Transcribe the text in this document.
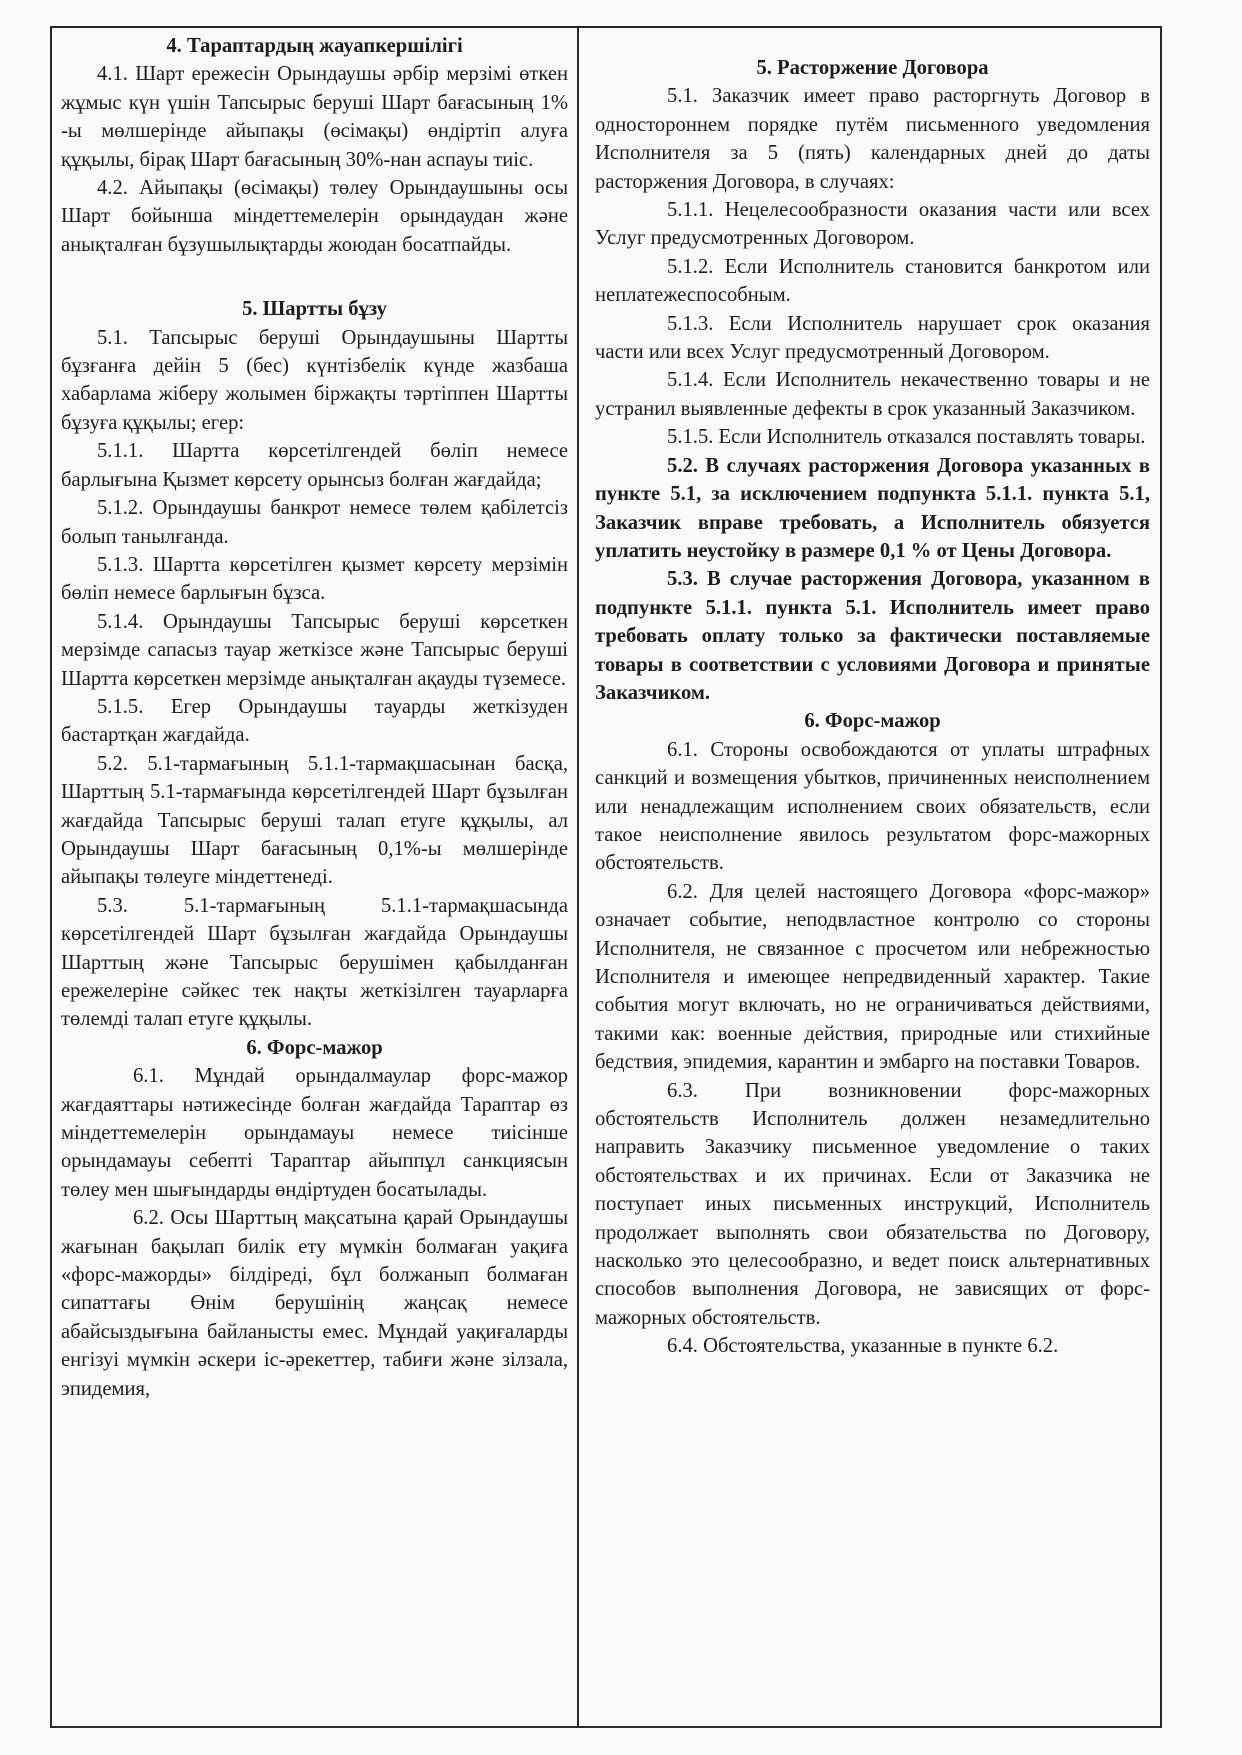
4. Тараптардың жауапкершілігі

4.1. Шарт ережесін Орындаушы әрбір мерзімі өткен жұмыс күн үшін Тапсырыс беруші Шарт бағасының 1% -ы мөлшерінде айыпақы (өсімақы) өндіртіп алуға құқылы, бірақ Шарт бағасының 30%-нан аспауы тиіс.

4.2. Айыпақы (өсімақы) төлеу Орындаушыны осы Шарт бойынша міндеттемелерін орындаудан және анықталған бұзушылықтарды жоюдан босатпайды.

5. Шартты бұзу

5.1. Тапсырыс беруші Орындаушыны Шартты бұзғанға дейін 5 (бес) күнтізбелік күнде жазбаша хабарлама жіберу жолымен біржақты тәртіппен Шартты бұзуға құқылы; егер:

5.1.1. Шартта көрсетілгендей бөліп немесе барлығына Қызмет көрсету орынсыз болған жағдайда;

5.1.2. Орындаушы банкрот немесе төлем қабілетсіз болып танылғанда.

5.1.3. Шартта көрсетілген қызмет көрсету мерзімін бөліп немесе барлығын бұзса.

5.1.4. Орындаушы Тапсырыс беруші көрсеткен мерзімде сапасыз тауар жеткізсе және Тапсырыс беруші Шартта көрсеткен мерзімде анықталған ақауды түземесе.

5.1.5. Егер Орындаушы тауарды жеткізуден бастартқан жағдайда.

5.2. 5.1-тармағының 5.1.1-тармақшасынан басқа, Шарттың 5.1-тармағында көрсетілгендей Шарт бұзылған жағдайда Тапсырыс беруші талап етуге құқылы, ал Орындаушы Шарт бағасының 0,1%-ы мөлшерінде айыпақы төлеуге міндеттенеді.

5.3. 5.1-тармағының 5.1.1-тармақшасында көрсетілгендей Шарт бұзылған жағдайда Орындаушы Шарттың және Тапсырыс берушімен қабылданған ережелеріне сәйкес тек нақты жеткізілген тауарларға төлемді талап етуге құқылы.

6. Форс-мажор

6.1. Мұндай орындалмаулар форс-мажор жағдаяттары нәтижесінде болған жағдайда Тараптар өз міндеттемелерін орындамауы немесе тиісінше орындамауы себепті Тараптар айыппұл санкциясын төлеу мен шығындарды өндіртуден босатылады.

6.2. Осы Шарттың мақсатына қарай Орындаушы жағынан бақылап билік ету мүмкін болмаған уақиға «форс-мажорды» білдіреді, бұл болжанып болмаған сипаттағы Өнім берушінің жаңсақ немесе абайсыздығына байланысты емес. Мұндай уақиғаларды енгізуі мүмкін әскери іс-әрекеттер, табиғи және зілзала, эпидемия,

5. Расторжение Договора

5.1. Заказчик имеет право расторгнуть Договор в одностороннем порядке путём письменного уведомления Исполнителя за 5 (пять) календарных дней до даты расторжения Договора, в случаях:

5.1.1. Нецелесообразности оказания части или всех Услуг предусмотренных Договором.

5.1.2. Если Исполнитель становится банкротом или неплатежеспособным.

5.1.3. Если Исполнитель нарушает срок оказания части или всех Услуг предусмотренный Договором.

5.1.4. Если Исполнитель некачественно товары и не устранил выявленные дефекты в срок указанный Заказчиком.

5.1.5. Если Исполнитель отказался поставлять товары.

5.2. В случаях расторжения Договора указанных в пункте 5.1, за исключением подпункта 5.1.1. пункта 5.1, Заказчик вправе требовать, а Исполнитель обязуется уплатить неустойку в размере 0,1 % от Цены Договора.

5.3. В случае расторжения Договора, указанном в подпункте 5.1.1. пункта 5.1. Исполнитель имеет право требовать оплату только за фактически поставляемые товары в соответствии с условиями Договора и принятые Заказчиком.

6. Форс-мажор

6.1. Стороны освобождаются от уплаты штрафных санкций и возмещения убытков, причиненных неисполнением или ненадлежащим исполнением своих обязательств, если такое неисполнение явилось результатом форс-мажорных обстоятельств.

6.2. Для целей настоящего Договора «форс-мажор» означает событие, неподвластное контролю со стороны Исполнителя, не связанное с просчетом или небрежностью Исполнителя и имеющее непредвиденный характер. Такие события могут включать, но не ограничиваться действиями, такими как: военные действия, природные или стихийные бедствия, эпидемия, карантин и эмбарго на поставки Товаров.

6.3. При возникновении форс-мажорных обстоятельств Исполнитель должен незамедлительно направить Заказчику письменное уведомление о таких обстоятельствах и их причинах. Если от Заказчика не поступает иных письменных инструкций, Исполнитель продолжает выполнять свои обязательства по Договору, насколько это целесообразно, и ведет поиск альтернативных способов выполнения Договора, не зависящих от форс-мажорных обстоятельств.

6.4. Обстоятельства, указанные в пункте 6.2.
